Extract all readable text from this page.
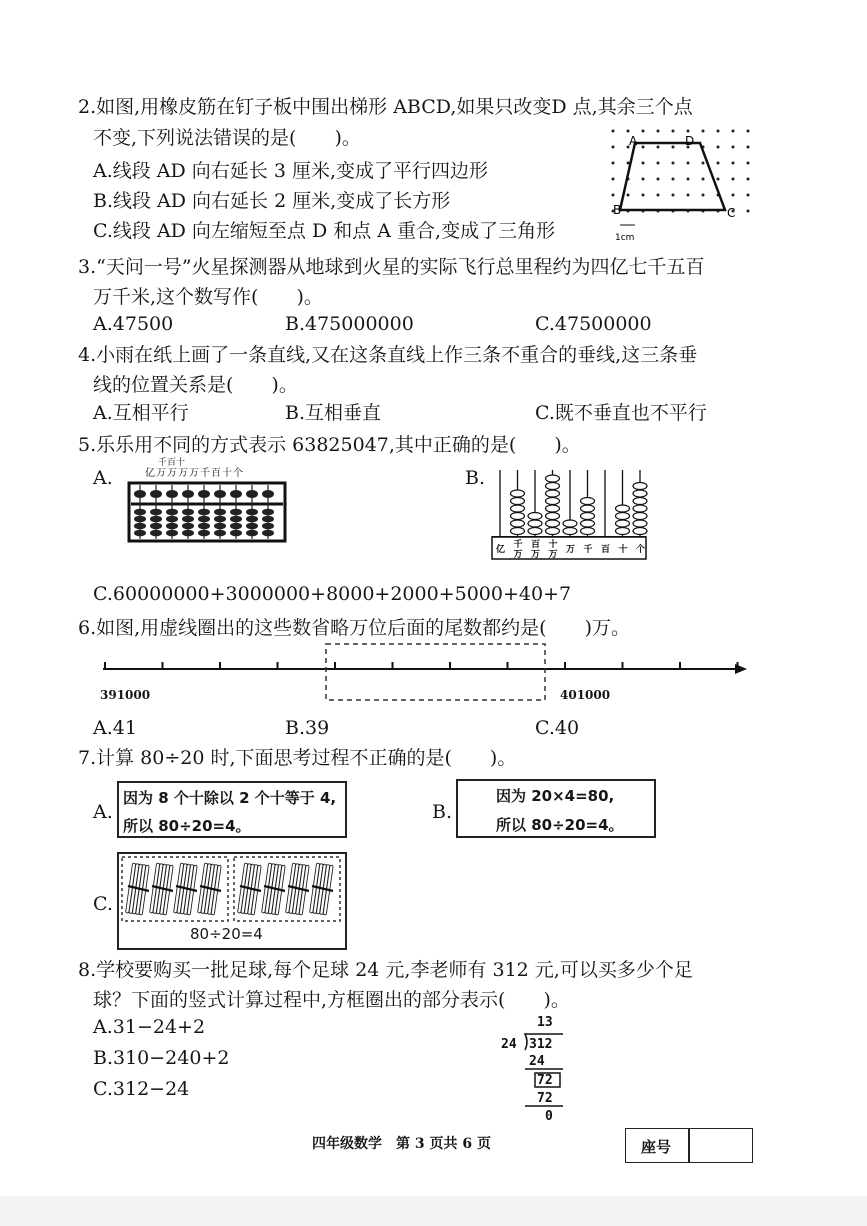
2.如图,用橡皮筋在钉子板中围出梯形 ABCD,如果只改变D 点,其余三个点
不变,下列说法错误的是(　　)。
A.线段 AD 向右延长 3 厘米,变成了平行四边形
B.线段 AD 向右延长 2 厘米,变成了长方形
C.线段 AD 向左缩短至点 D 和点 A 重合,变成了三角形
A	D
B	C
1cm
3.“天问一号”火星探测器从地球到火星的实际飞行总里程约为四亿七千五百
万千米,这个数写作(　　)。
A.47500	B.475000000	C.47500000
4.小雨在纸上画了一条直线,又在这条直线上作三条不重合的垂线,这三条垂
线的位置关系是(　　)。
A.互相平行	B.互相垂直	C.既不垂直也不平行
5.乐乐用不同的方式表示 63825047,其中正确的是(　　)。
A.	B.
千百十
亿万万万万千百十个
亿 千
万
百
万
十
万 万 千 百 十 个
C.60000000+3000000+8000+2000+5000+40+7
6.如图,用虚线圈出的这些数省略万位后面的尾数都约是(　　)万。
391000	401000
A.41	B.39	C.40
7.计算 80÷20 时,下面思考过程不正确的是(　　)。
A.
因为 8 个十除以 2 个十等于 4,
所以 80÷20=4。
B.
因为 20×4=80,
所以 80÷20=4。
C.
80÷20=4
8.学校要购买一批足球,每个足球 24 元,李老师有 312 元,可以买多少个足
球？下面的竖式计算过程中,方框圈出的部分表示(　　)。
A.31−24+2
B.310−240+2
C.312−24
13
24 312
24
72
72
0
四年级数学　第 3 页共 6 页	座号
